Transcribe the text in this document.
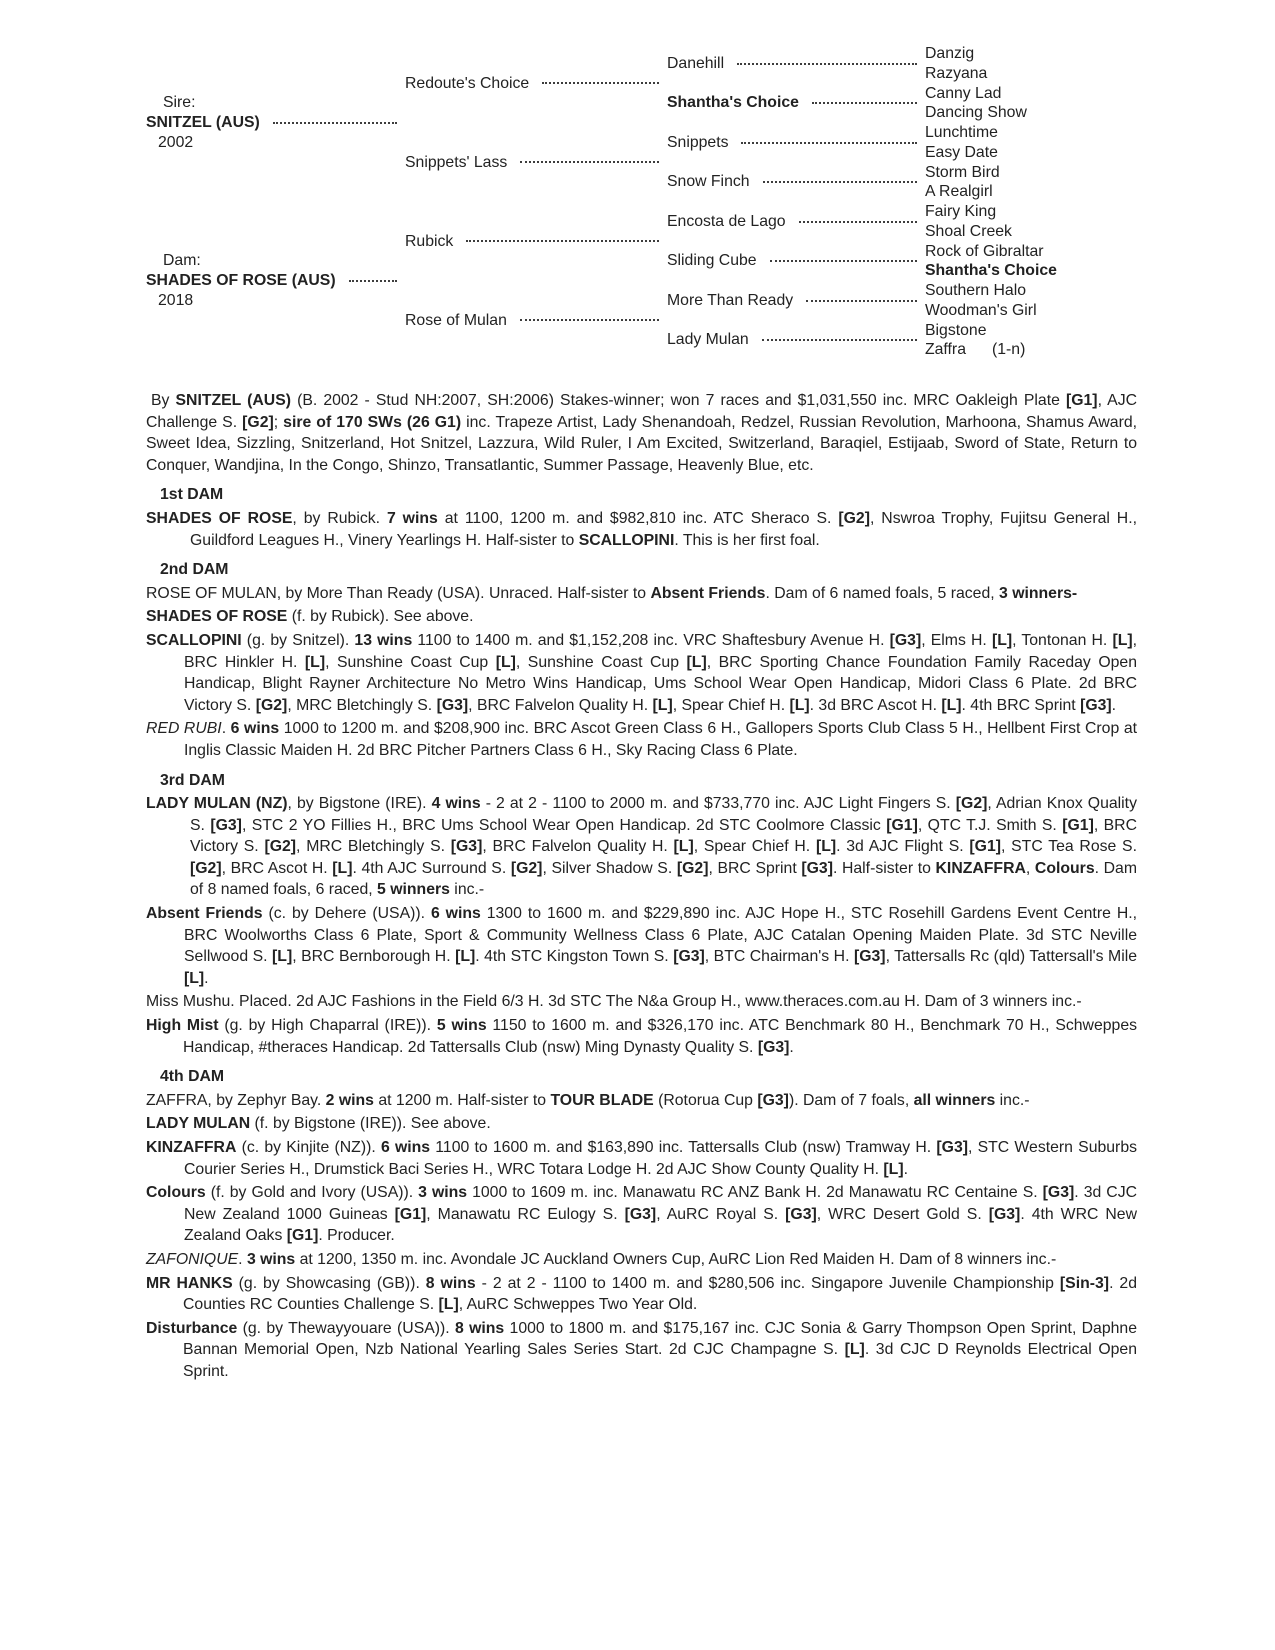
Sire:
SNITZEL (AUS)
2002
Dam:
SHADES OF ROSE (AUS)
2018
Redoute's Choice
Snippets' Lass
Rubick
Rose of Mulan
Danehill
Shantha's Choice
Snippets
Snow Finch
Encosta de Lago
Sliding Cube
More Than Ready
Lady Mulan
Danzig
Razyana
Canny Lad
Dancing Show
Lunchtime
Easy Date
Storm Bird
A Realgirl
Fairy King
Shoal Creek
Rock of Gibraltar
Shantha's Choice
Southern Halo
Woodman's Girl
Bigstone
Zaffra (1-n)

By SNITZEL (AUS) (B. 2002 - Stud NH:2007, SH:2006) Stakes-winner; won 7 races and $1,031,550 inc. MRC Oakleigh Plate [G1], AJC Challenge S. [G2]; sire of 170 SWs (26 G1) inc. Trapeze Artist, Lady Shenandoah, Redzel, Russian Revolution, Marhoona, Shamus Award, Sweet Idea, Sizzling, Snitzerland, Hot Snitzel, Lazzura, Wild Ruler, I Am Excited, Switzerland, Baraqiel, Estijaab, Sword of State, Return to Conquer, Wandjina, In the Congo, Shinzo, Transatlantic, Summer Passage, Heavenly Blue, etc.

1st DAM

SHADES OF ROSE, by Rubick. 7 wins at 1100, 1200 m. and $982,810 inc. ATC Sheraco S. [G2], Nswroa Trophy, Fujitsu General H., Guildford Leagues H., Vinery Yearlings H. Half-sister to SCALLOPINI. This is her first foal.

2nd DAM

ROSE OF MULAN, by More Than Ready (USA). Unraced. Half-sister to Absent Friends. Dam of 6 named foals, 5 raced, 3 winners-

SHADES OF ROSE (f. by Rubick). See above.

SCALLOPINI (g. by Snitzel). 13 wins 1100 to 1400 m. and $1,152,208 inc. VRC Shaftesbury Avenue H. [G3], Elms H. [L], Tontonan H. [L], BRC Hinkler H. [L], Sunshine Coast Cup [L], Sunshine Coast Cup [L], BRC Sporting Chance Foundation Family Raceday Open Handicap, Blight Rayner Architecture No Metro Wins Handicap, Ums School Wear Open Handicap, Midori Class 6 Plate. 2d BRC Victory S. [G2], MRC Bletchingly S. [G3], BRC Falvelon Quality H. [L], Spear Chief H. [L]. 3d BRC Ascot H. [L]. 4th BRC Sprint [G3].

RED RUBI. 6 wins 1000 to 1200 m. and $208,900 inc. BRC Ascot Green Class 6 H., Gallopers Sports Club Class 5 H., Hellbent First Crop at Inglis Classic Maiden H. 2d BRC Pitcher Partners Class 6 H., Sky Racing Class 6 Plate.

3rd DAM

LADY MULAN (NZ), by Bigstone (IRE). 4 wins - 2 at 2 - 1100 to 2000 m. and $733,770 inc. AJC Light Fingers S. [G2], Adrian Knox Quality S. [G3], STC 2 YO Fillies H., BRC Ums School Wear Open Handicap. 2d STC Coolmore Classic [G1], QTC T.J. Smith S. [G1], BRC Victory S. [G2], MRC Bletchingly S. [G3], BRC Falvelon Quality H. [L], Spear Chief H. [L]. 3d AJC Flight S. [G1], STC Tea Rose S. [G2], BRC Ascot H. [L]. 4th AJC Surround S. [G2], Silver Shadow S. [G2], BRC Sprint [G3]. Half-sister to KINZAFFRA, Colours. Dam of 8 named foals, 6 raced, 5 winners inc.-

Absent Friends (c. by Dehere (USA)). 6 wins 1300 to 1600 m. and $229,890 inc. AJC Hope H., STC Rosehill Gardens Event Centre H., BRC Woolworths Class 6 Plate, Sport & Community Wellness Class 6 Plate, AJC Catalan Opening Maiden Plate. 3d STC Neville Sellwood S. [L], BRC Bernborough H. [L]. 4th STC Kingston Town S. [G3], BTC Chairman's H. [G3], Tattersalls Rc (qld) Tattersall's Mile [L].

Miss Mushu. Placed. 2d AJC Fashions in the Field 6/3 H. 3d STC The N&a Group H., www.theraces.com.au H. Dam of 3 winners inc.-

High Mist (g. by High Chaparral (IRE)). 5 wins 1150 to 1600 m. and $326,170 inc. ATC Benchmark 80 H., Benchmark 70 H., Schweppes Handicap, #theraces Handicap. 2d Tattersalls Club (nsw) Ming Dynasty Quality S. [G3].

4th DAM

ZAFFRA, by Zephyr Bay. 2 wins at 1200 m. Half-sister to TOUR BLADE (Rotorua Cup [G3]). Dam of 7 foals, all winners inc.-

LADY MULAN (f. by Bigstone (IRE)). See above.

KINZAFFRA (c. by Kinjite (NZ)). 6 wins 1100 to 1600 m. and $163,890 inc. Tattersalls Club (nsw) Tramway H. [G3], STC Western Suburbs Courier Series H., Drumstick Baci Series H., WRC Totara Lodge H. 2d AJC Show County Quality H. [L].

Colours (f. by Gold and Ivory (USA)). 3 wins 1000 to 1609 m. inc. Manawatu RC ANZ Bank H. 2d Manawatu RC Centaine S. [G3]. 3d CJC New Zealand 1000 Guineas [G1], Manawatu RC Eulogy S. [G3], AuRC Royal S. [G3], WRC Desert Gold S. [G3]. 4th WRC New Zealand Oaks [G1]. Producer.

ZAFONIQUE. 3 wins at 1200, 1350 m. inc. Avondale JC Auckland Owners Cup, AuRC Lion Red Maiden H. Dam of 8 winners inc.-

MR HANKS (g. by Showcasing (GB)). 8 wins - 2 at 2 - 1100 to 1400 m. and $280,506 inc. Singapore Juvenile Championship [Sin-3]. 2d Counties RC Counties Challenge S. [L], AuRC Schweppes Two Year Old.

Disturbance (g. by Thewayyouare (USA)). 8 wins 1000 to 1800 m. and $175,167 inc. CJC Sonia & Garry Thompson Open Sprint, Daphne Bannan Memorial Open, Nzb National Yearling Sales Series Start. 2d CJC Champagne S. [L]. 3d CJC D Reynolds Electrical Open Sprint.
